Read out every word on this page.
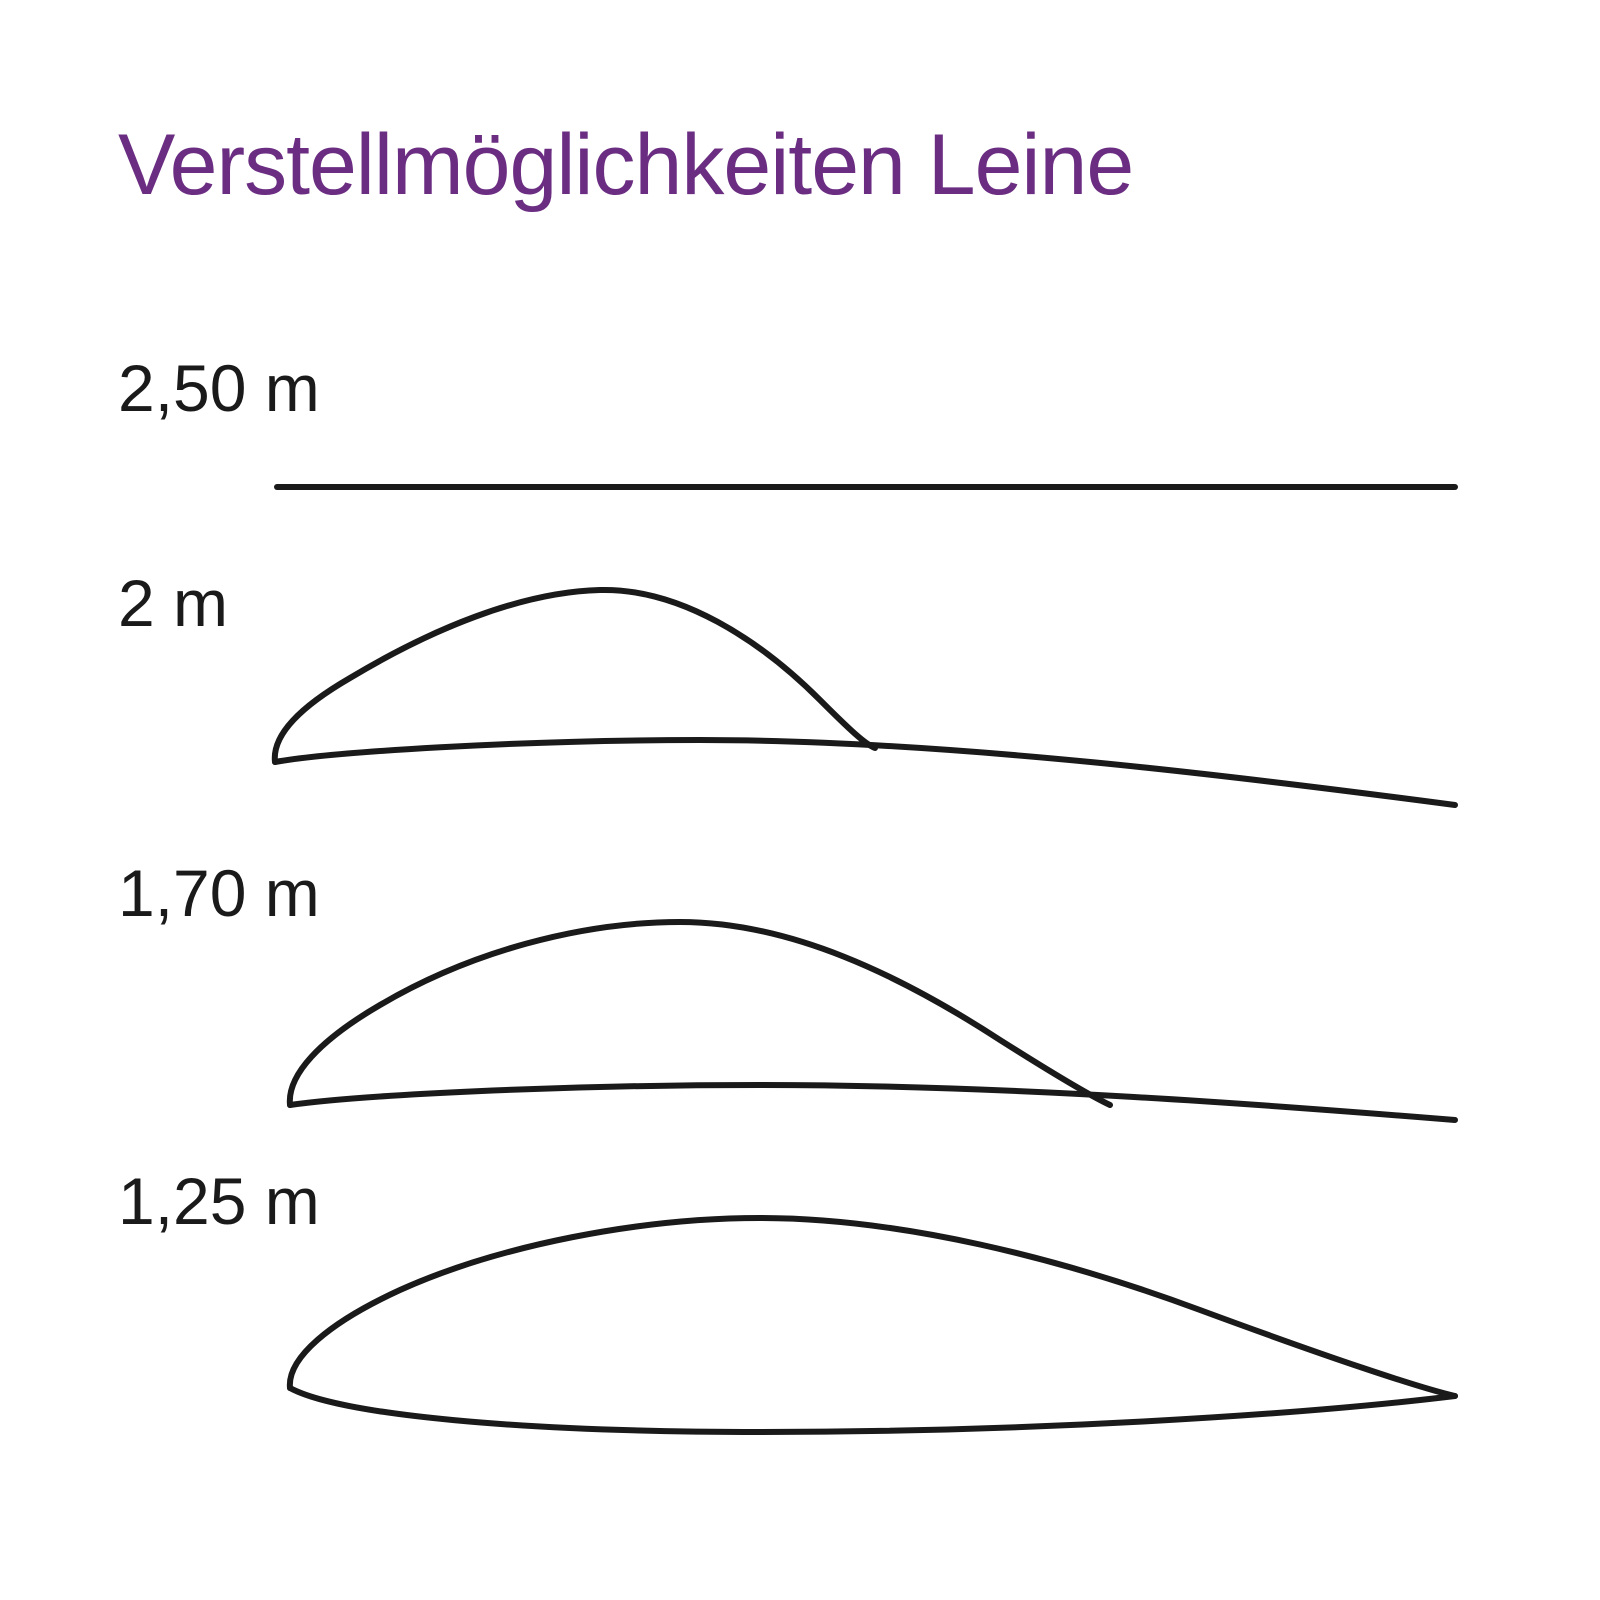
Verstellmöglichkeiten Leine
2,50 m
2 m
1,70 m
1,25 m
